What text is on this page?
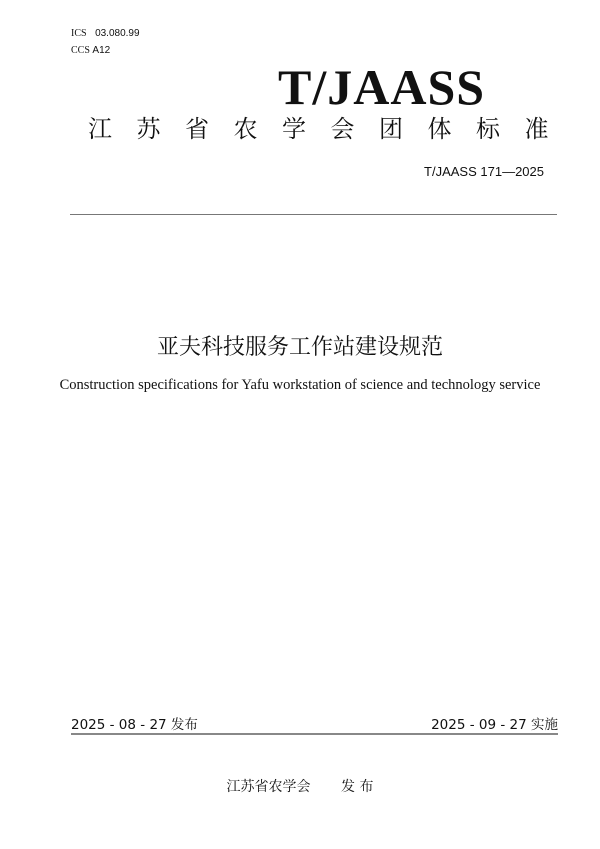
ICS 03.080.99
CCS A12
T/JAASS
江苏省农学会团体标准
T/JAASS 171—2025
亚夫科技服务工作站建设规范
Construction specifications for Yafu workstation of science and technology service
2025 - 08 - 27 发布	2025 - 09 - 27 实施
江苏省农学会 发 布
